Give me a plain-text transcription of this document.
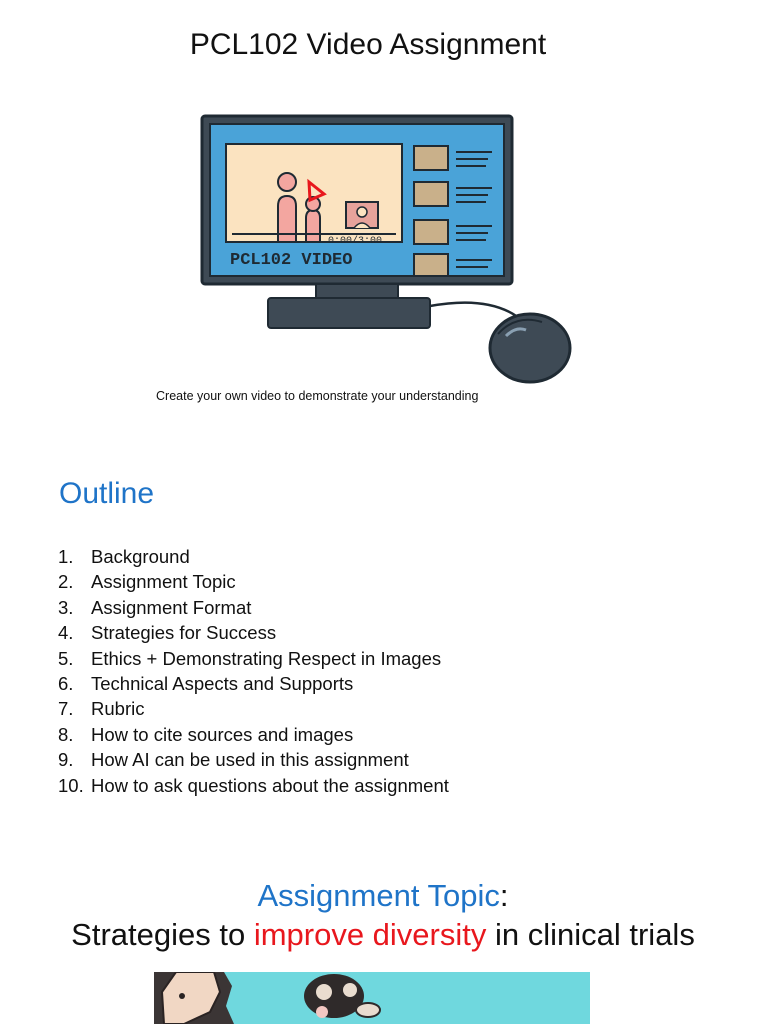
PCL102 Video Assignment
0:00/3:00
PCL102 VIDEO
Create your own video to demonstrate your understanding
Outline
1. Background
2. Assignment Topic
3. Assignment Format
4. Strategies for Success
5. Ethics + Demonstrating Respect in Images
6. Technical Aspects and Supports
7. Rubric
8. How to cite sources and images
9. How AI can be used in this assignment
10. How to ask questions about the assignment
Assignment Topic:
Strategies to improve diversity in clinical trials
